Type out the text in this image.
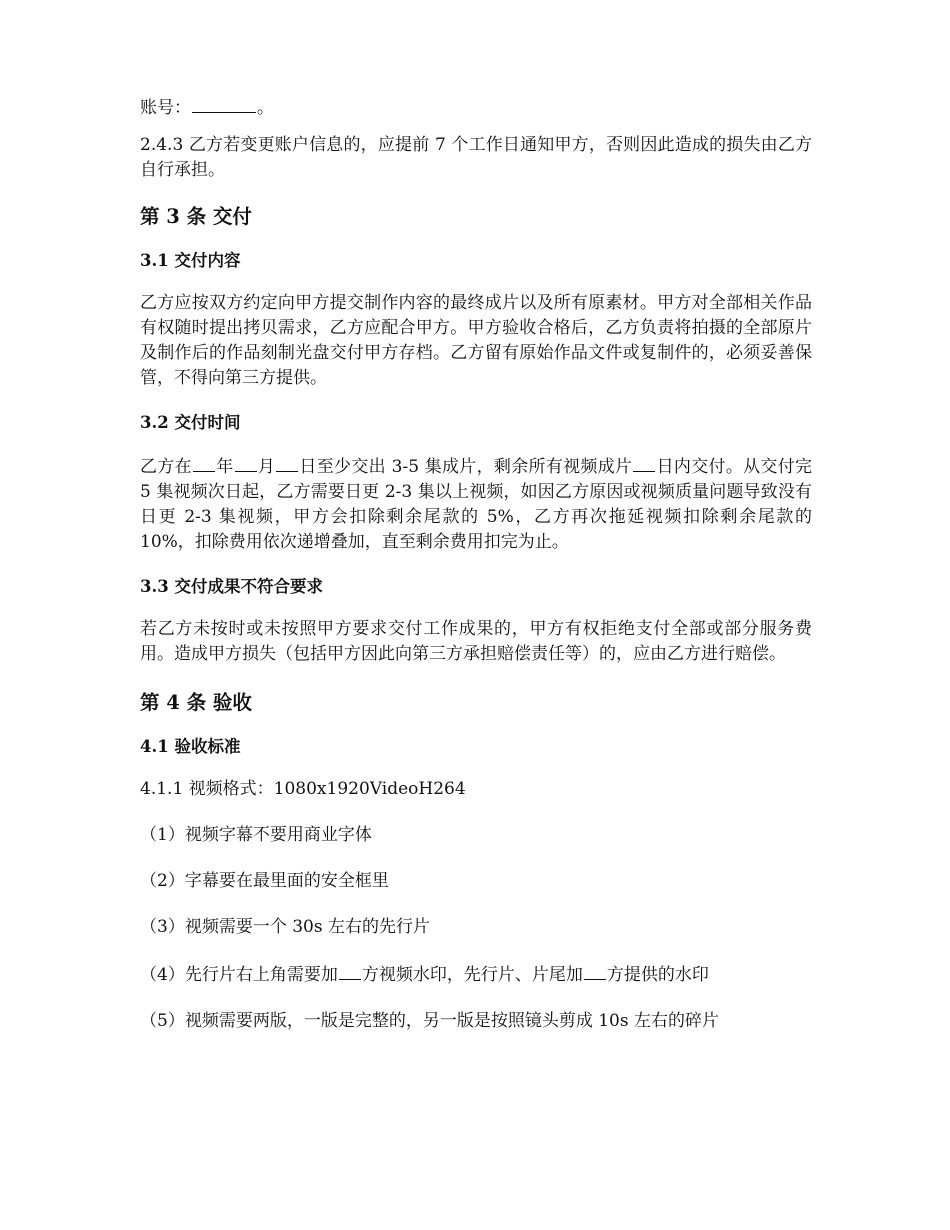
账号：	。

2.4.3 乙方若变更账户信息的，应提前 7 个工作日通知甲方，否则因此造成的损失由乙方自行承担。

第 3 条 交付
3.1 交付内容

乙方应按双方约定向甲方提交制作内容的最终成片以及所有原素材。甲方对全部相关作品有权随时提出拷贝需求，乙方应配合甲方。甲方验收合格后，乙方负责将拍摄的全部原片及制作后的作品刻制光盘交付甲方存档。乙方留有原始作品文件或复制件的，必须妥善保管，不得向第三方提供。

3.2 交付时间

乙方在 年 月 日至少交出 3-5 集成片，剩余所有视频成片 日内交付。从交付完 5 集视频次日起，乙方需要日更 2-3 集以上视频，如因乙方原因或视频质量问题导致没有日更 2-3 集视频，甲方会扣除剩余尾款的 5%，乙方再次拖延视频扣除剩余尾款的 10%，扣除费用依次递增叠加，直至剩余费用扣完为止。

3.3 交付成果不符合要求

若乙方未按时或未按照甲方要求交付工作成果的，甲方有权拒绝支付全部或部分服务费用。造成甲方损失（包括甲方因此向第三方承担赔偿责任等）的，应由乙方进行赔偿。

第 4 条 验收
4.1 验收标准

4.1.1 视频格式：1080x1920VideoH264

（1）视频字幕不要用商业字体

（2）字幕要在最里面的安全框里

（3）视频需要一个 30s 左右的先行片

（4）先行片右上角需要加 方视频水印，先行片、片尾加 方提供的水印

（5）视频需要两版，一版是完整的，另一版是按照镜头剪成 10s 左右的碎片
